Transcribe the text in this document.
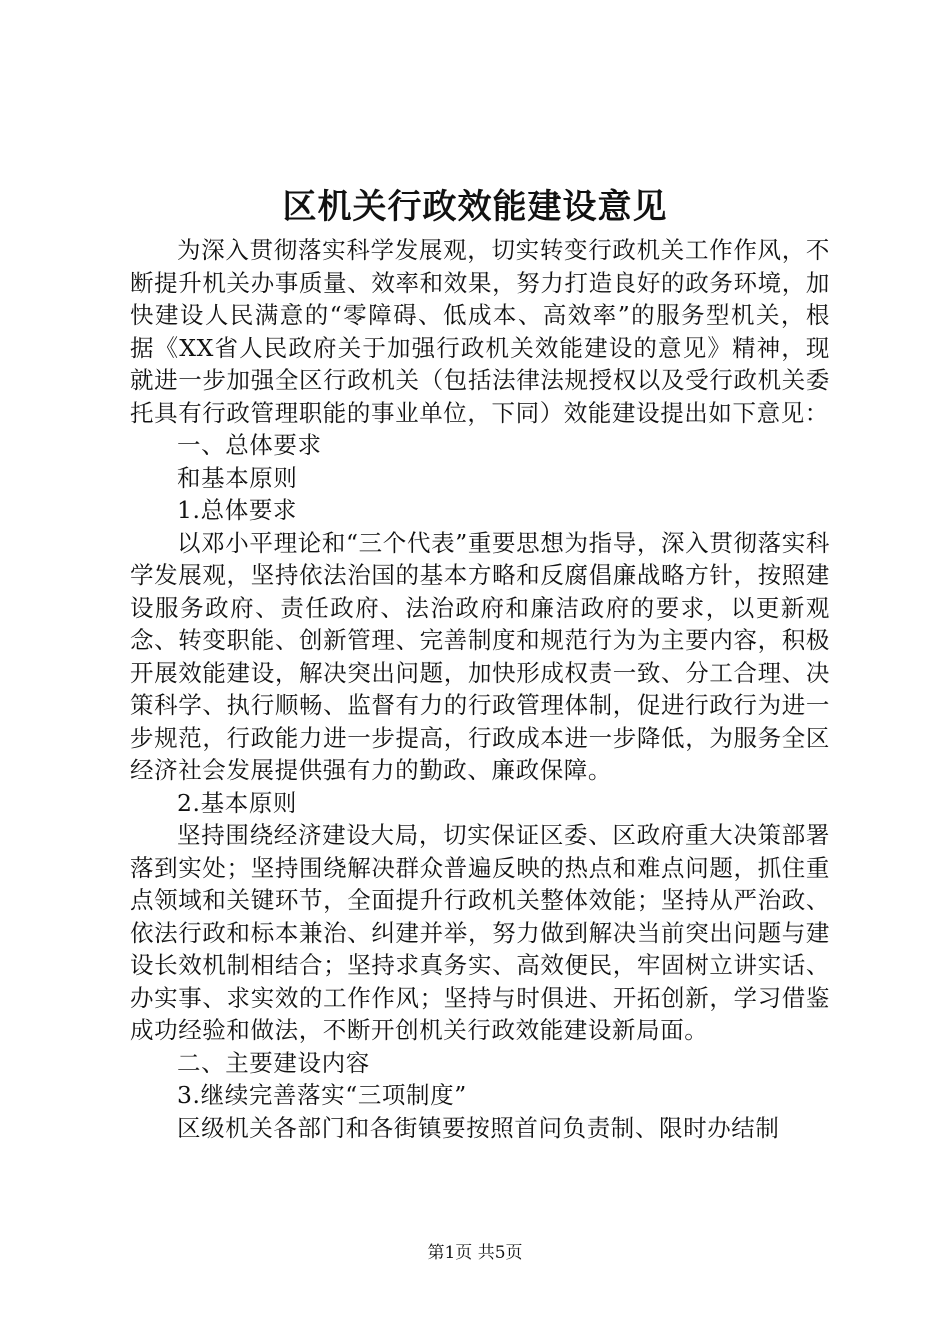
区机关行政效能建设意见

为深入贯彻落实科学发展观，切实转变行政机关工作作风，不断提升机关办事质量、效率和效果，努力打造良好的政务环境，加快建设人民满意的“零障碍、低成本、高效率”的服务型机关，根据《XX省人民政府关于加强行政机关效能建设的意见》精神，现就进一步加强全区行政机关（包括法律法规授权以及受行政机关委托具有行政管理职能的事业单位，下同）效能建设提出如下意见：

一、总体要求

和基本原则

1.总体要求

以邓小平理论和“三个代表”重要思想为指导，深入贯彻落实科学发展观，坚持依法治国的基本方略和反腐倡廉战略方针，按照建设服务政府、责任政府、法治政府和廉洁政府的要求，以更新观念、转变职能、创新管理、完善制度和规范行为为主要内容，积极开展效能建设，解决突出问题，加快形成权责一致、分工合理、决策科学、执行顺畅、监督有力的行政管理体制，促进行政行为进一步规范，行政能力进一步提高，行政成本进一步降低，为服务全区经济社会发展提供强有力的勤政、廉政保障。

2.基本原则

坚持围绕经济建设大局，切实保证区委、区政府重大决策部署落到实处；坚持围绕解决群众普遍反映的热点和难点问题，抓住重点领域和关键环节，全面提升行政机关整体效能；坚持从严治政、依法行政和标本兼治、纠建并举，努力做到解决当前突出问题与建设长效机制相结合；坚持求真务实、高效便民，牢固树立讲实话、办实事、求实效的工作作风；坚持与时俱进、开拓创新，学习借鉴成功经验和做法，不断开创机关行政效能建设新局面。

二、主要建设内容

3.继续完善落实“三项制度”

区级机关各部门和各街镇要按照首问负责制、限时办结制

第1页 共5页
